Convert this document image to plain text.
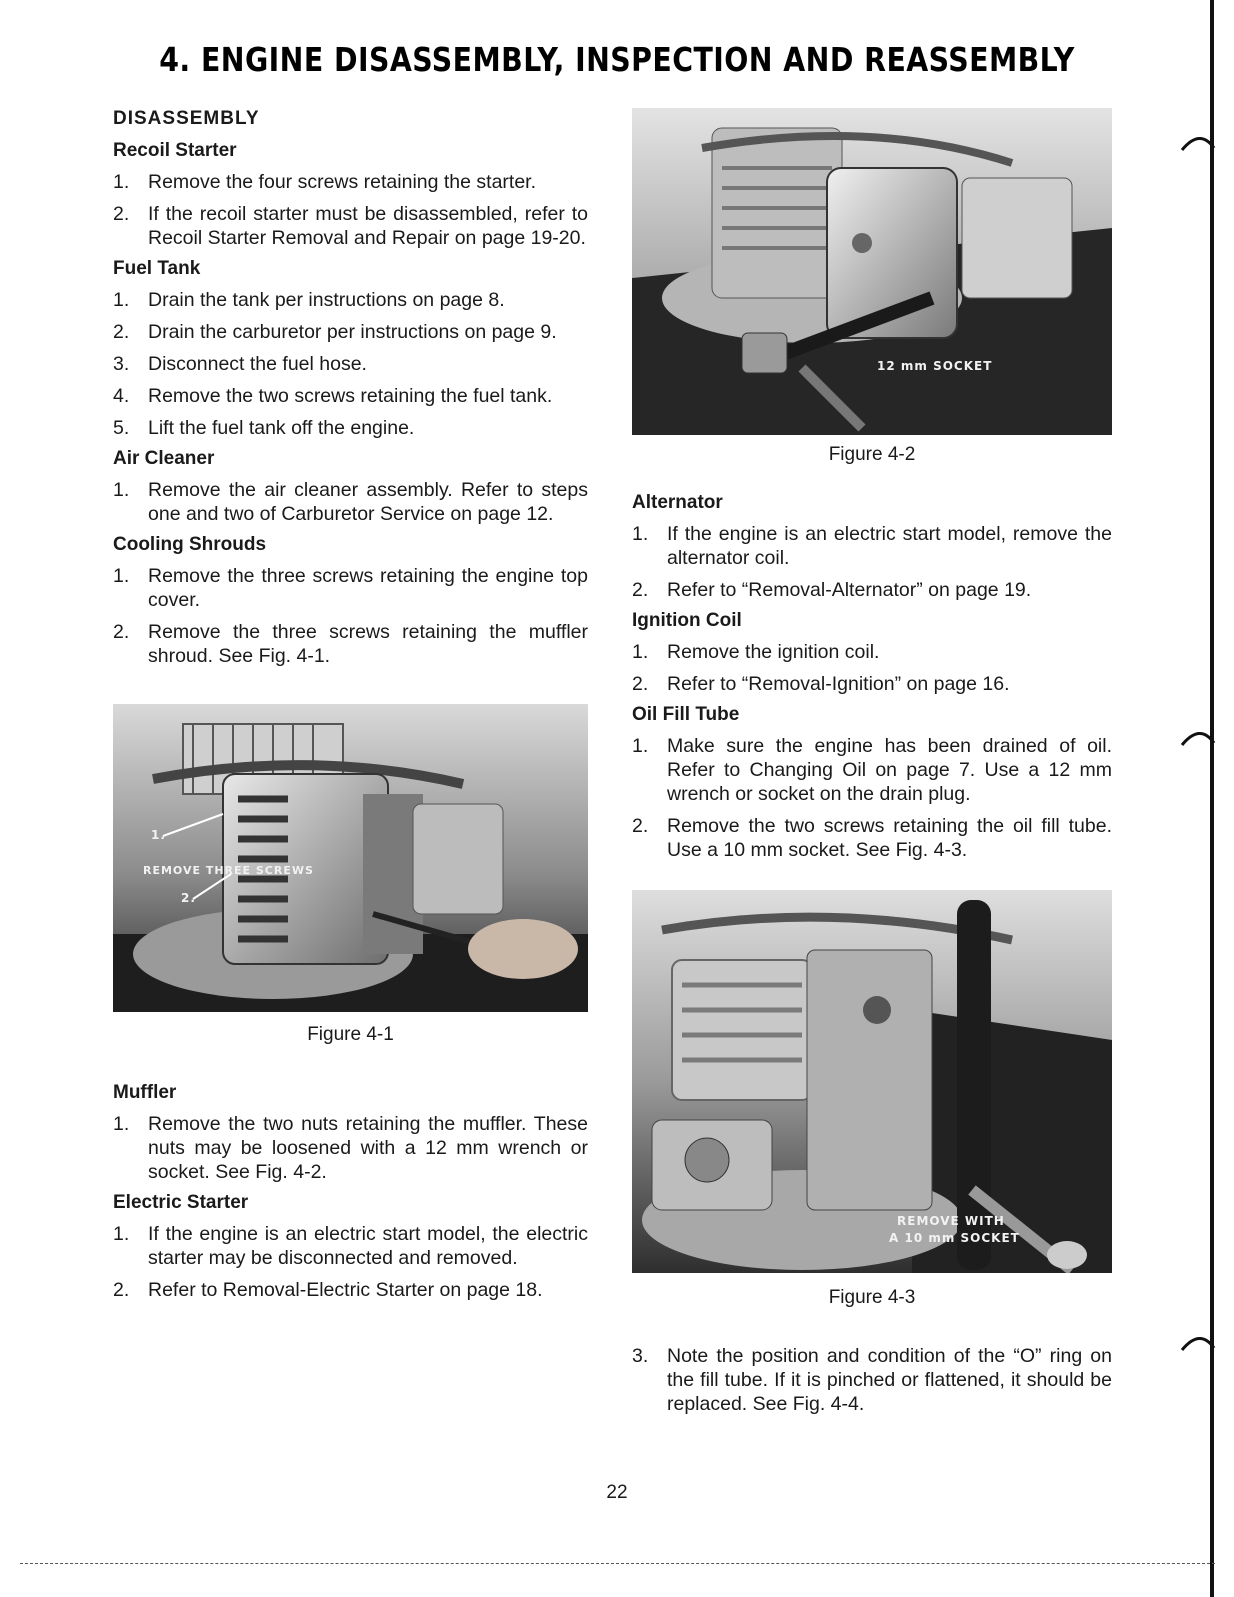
4. ENGINE DISASSEMBLY, INSPECTION AND REASSEMBLY
DISASSEMBLY
Recoil Starter
1. Remove the four screws retaining the starter.
2. If the recoil starter must be disassembled, refer to Recoil Starter Removal and Repair on page 19-20.
Fuel Tank
1. Drain the tank per instructions on page 8.
2. Drain the carburetor per instructions on page 9.
3. Disconnect the fuel hose.
4. Remove the two screws retaining the fuel tank.
5. Lift the fuel tank off the engine.
Air Cleaner
1. Remove the air cleaner assembly. Refer to steps one and two of Carburetor Service on page 12.
Cooling Shrouds
1. Remove the three screws retaining the engine top cover.
2. Remove the three screws retaining the muffler shroud. See Fig. 4-1.
1.
2.
REMOVE THREE SCREWS
Figure 4-1
Muffler
1. Remove the two nuts retaining the muffler. These nuts may be loosened with a 12 mm wrench or socket. See Fig. 4-2.
Electric Starter
1. If the engine is an electric start model, the electric starter may be disconnected and removed.
2. Refer to Removal-Electric Starter on page 18.
12 mm SOCKET
Figure 4-2
Alternator
1. If the engine is an electric start model, remove the alternator coil.
2. Refer to “Removal-Alternator” on page 19.
Ignition Coil
1. Remove the ignition coil.
2. Refer to “Removal-Ignition” on page 16.
Oil Fill Tube
1. Make sure the engine has been drained of oil. Refer to Changing Oil on page 7. Use a 12 mm wrench or socket on the drain plug.
2. Remove the two screws retaining the oil fill tube. Use a 10 mm socket. See Fig. 4-3.
REMOVE WITH
A 10 mm SOCKET
Figure 4-3
3. Note the position and condition of the “O” ring on the fill tube. If it is pinched or flattened, it should be replaced. See Fig. 4-4.
22
